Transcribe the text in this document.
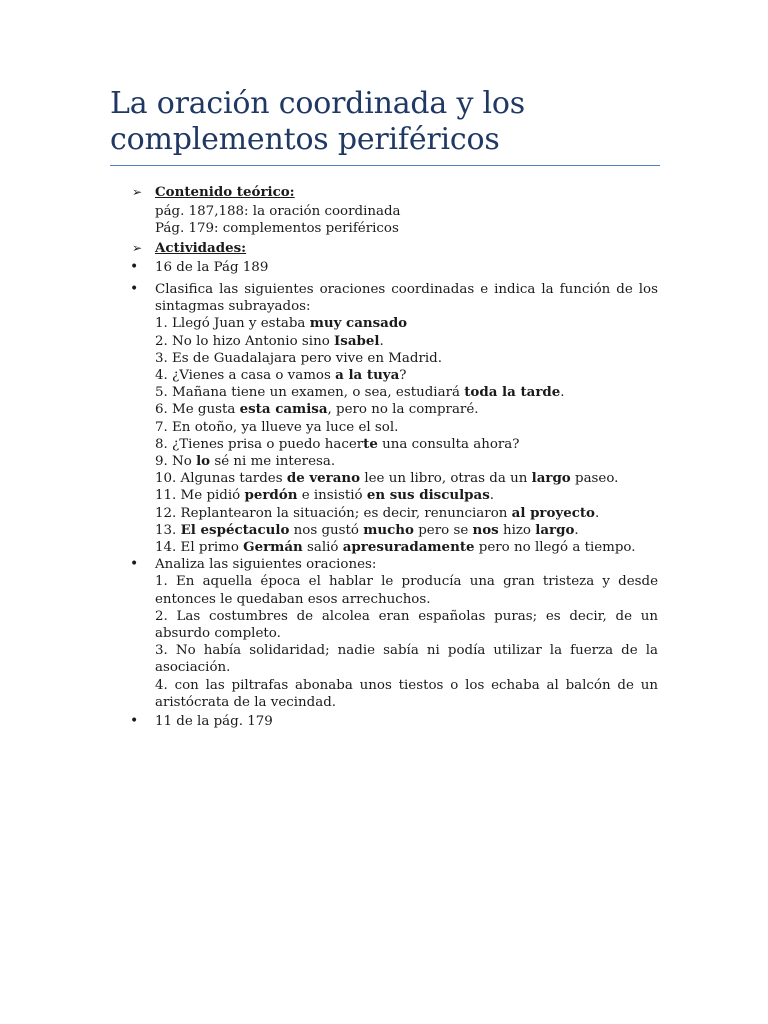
La oración coordinada y los complementos periféricos
➢ Contenido teórico:
pág. 187,188: la oración coordinada
Pág. 179: complementos periféricos
➢ Actividades:
•	16 de la Pág 189
•	Clasifica las siguientes oraciones coordinadas e indica la función de los sintagmas subrayados:
1. Llegó Juan y estaba muy cansado
2. No lo hizo Antonio sino Isabel.
3. Es de Guadalajara pero vive en Madrid.
4. ¿Vienes a casa o vamos a la tuya?
5. Mañana tiene un examen, o sea, estudiará toda la tarde.
6. Me gusta esta camisa, pero no la compraré.
7. En otoño, ya llueve ya luce el sol.
8. ¿Tienes prisa o puedo hacerte una consulta ahora?
9. No lo sé ni me interesa.
10. Algunas tardes de verano lee un libro, otras da un largo paseo.
11. Me pidió perdón e insistió en sus disculpas.
12. Replantearon la situación; es decir, renunciaron al proyecto.
13. El espéctaculo nos gustó mucho pero se nos hizo largo.
14. El primo Germán salió apresuradamente pero no llegó a tiempo.
•	Analiza las siguientes oraciones:
1. En aquella época el hablar le producía una gran tristeza y desde entonces le quedaban esos arrechuchos.
2. Las costumbres de alcolea eran españolas puras; es decir, de un absurdo completo.
3. No había solidaridad; nadie sabía ni podía utilizar la fuerza de la asociación.
4. con las piltrafas abonaba unos tiestos o los echaba al balcón de un aristócrata de la vecindad.
•	11 de la pág. 179
